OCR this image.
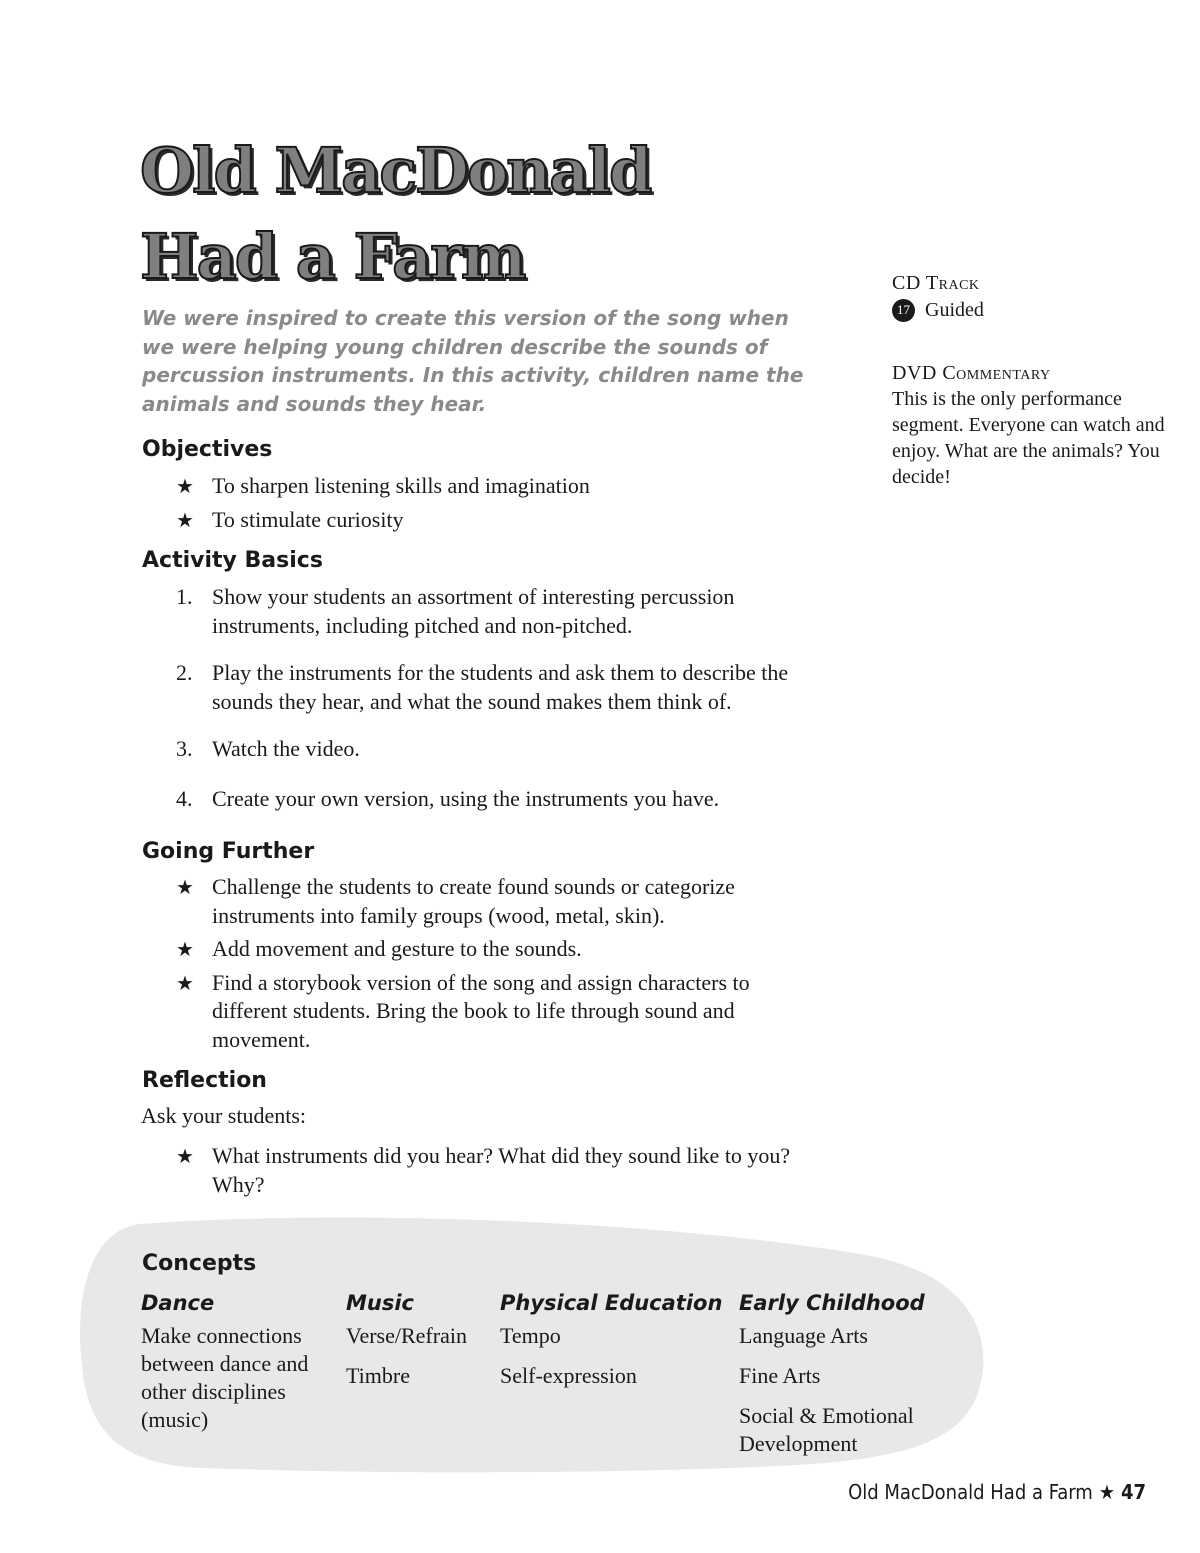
Old MacDonald
Had a Farm

We were inspired to create this version of the song when we were helping young children describe the sounds of percussion instruments. In this activity, children name the animals and sounds they hear.

Objectives
★ To sharpen listening skills and imagination
★ To stimulate curiosity
Activity Basics
1. Show your students an assortment of interesting percussion instruments, including pitched and non-pitched.
2. Play the instruments for the students and ask them to describe the sounds they hear, and what the sound makes them think of.
3. Watch the video.
4. Create your own version, using the instruments you have.
Going Further
★ Challenge the students to create found sounds or categorize instruments into family groups (wood, metal, skin).
★ Add movement and gesture to the sounds.
★ Find a storybook version of the song and assign characters to different students. Bring the book to life through sound and movement.
Reflection

Ask your students:

★ What instruments did you hear? What did they sound like to you? Why?

CD Track

17 Guided

DVD Commentary

This is the only performance segment. Everyone can watch and enjoy. What are the animals? You decide!

Concepts
Dance
Make connections between dance and other disciplines (music)
Music
Verse/Refrain
Timbre
Physical Education
Tempo
Self-expression
Early Childhood
Language Arts
Fine Arts
Social & Emotional Development
Old MacDonald Had a Farm ★ 47
